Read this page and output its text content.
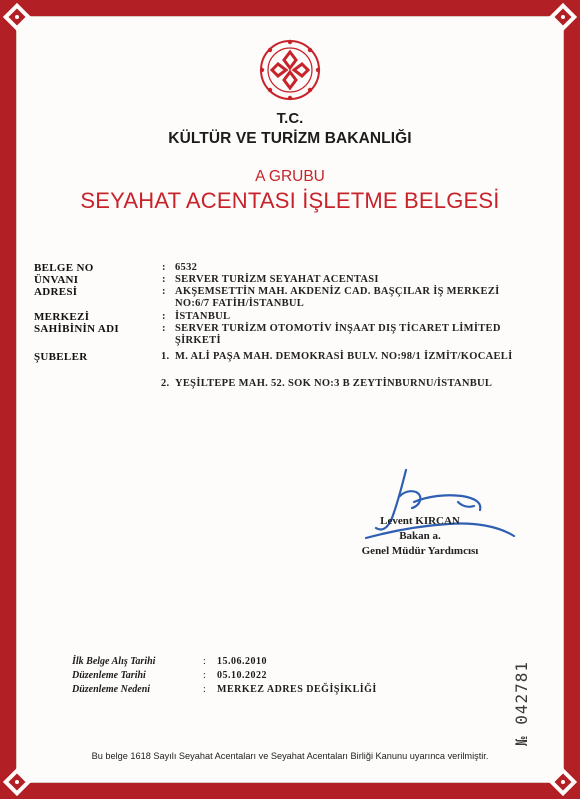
T.C.
KÜLTÜR VE TURİZM BAKANLIĞI
A GRUBU
SEYAHAT ACENTASI İŞLETME BELGESİ
BELGE NO	: 6532
ÜNVANI	: SERVER TURİZM SEYAHAT ACENTASI
ADRESİ	: AKŞEMSETTİN MAH. AKDENİZ CAD. BAŞÇILAR İŞ MERKEZİ NO:6/7 FATİH/İSTANBUL
MERKEZİ	: İSTANBUL
SAHİBİNİN ADI	: SERVER TURİZM OTOMOTİV İNŞAAT DIŞ TİCARET LİMİTED ŞİRKETİ
ŞUBELER	1. M. ALİ PAŞA MAH. DEMOKRASİ BULV. NO:98/1 İZMİT/KOCAELİ
2. YEŞİLTEPE MAH. 52. SOK NO:3 B ZEYTİNBURNU/İSTANBUL
Levent KIRCAN
Bakan a.
Genel Müdür Yardımcısı
İlk Belge Alış Tarihi	: 15.06.2010
Düzenleme Tarihi	: 05.10.2022
Düzenleme Nedeni	: MERKEZ ADRES DEĞİŞİKLİĞİ	№ 042781
Bu belge 1618 Sayılı Seyahat Acentaları ve Seyahat Acentaları Birliği Kanunu uyarınca verilmiştir.
